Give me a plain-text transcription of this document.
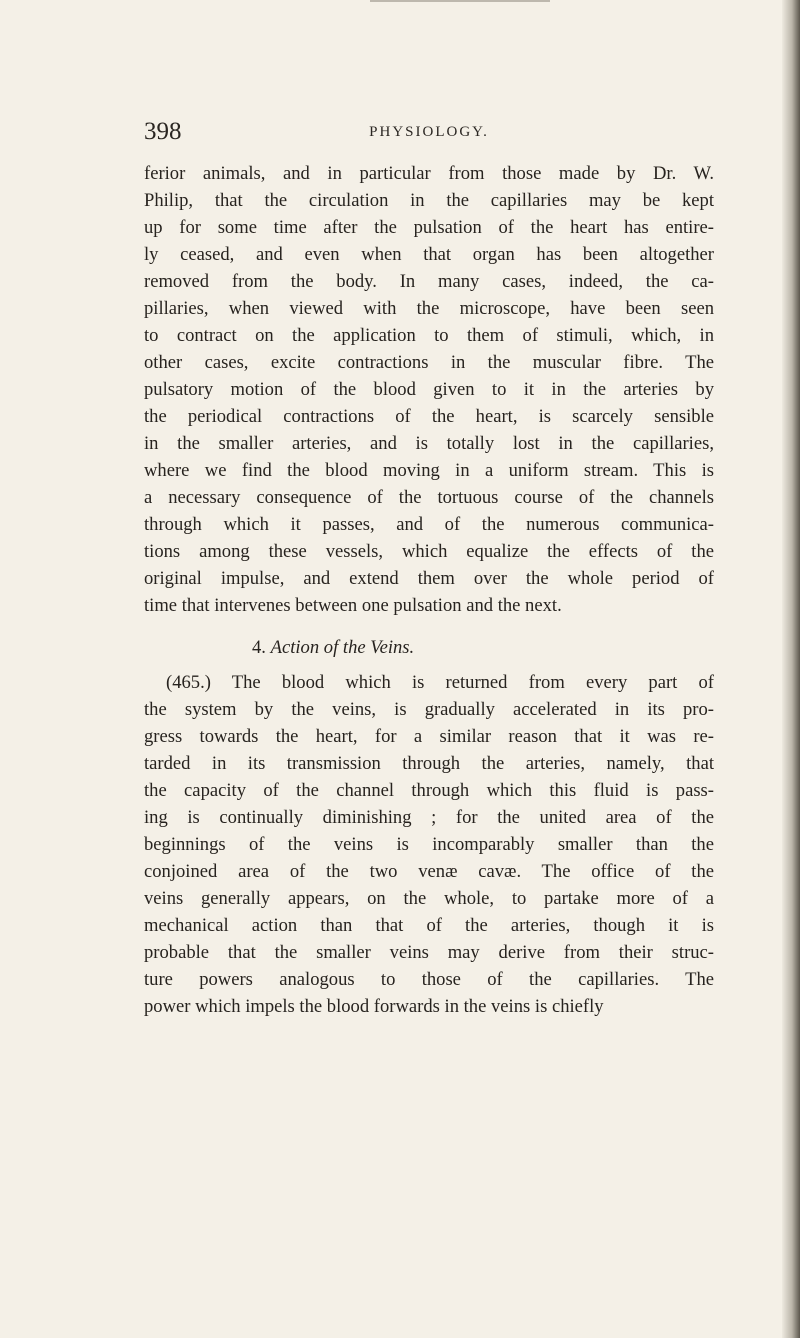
398	PHYSIOLOGY.
ferior animals, and in particular from those made by Dr. W.
Philip, that the circulation in the capillaries may be kept
up for some time after the pulsation of the heart has entire-
ly ceased, and even when that organ has been altogether
removed from the body. In many cases, indeed, the ca-
pillaries, when viewed with the microscope, have been seen
to contract on the application to them of stimuli, which, in
other cases, excite contractions in the muscular fibre. The
pulsatory motion of the blood given to it in the arteries by
the periodical contractions of the heart, is scarcely sensible
in the smaller arteries, and is totally lost in the capillaries,
where we find the blood moving in a uniform stream. This is
a necessary consequence of the tortuous course of the channels
through which it passes, and of the numerous communica-
tions among these vessels, which equalize the effects of the
original impulse, and extend them over the whole period of
time that intervenes between one pulsation and the next.
4. Action of the Veins.
(465.) The blood which is returned from every part of
the system by the veins, is gradually accelerated in its pro-
gress towards the heart, for a similar reason that it was re-
tarded in its transmission through the arteries, namely, that
the capacity of the channel through which this fluid is pass-
ing is continually diminishing ; for the united area of the
beginnings of the veins is incomparably smaller than the
conjoined area of the two venæ cavæ. The office of the
veins generally appears, on the whole, to partake more of a
mechanical action than that of the arteries, though it is
probable that the smaller veins may derive from their struc-
ture powers analogous to those of the capillaries. The
power which impels the blood forwards in the veins is chiefly
